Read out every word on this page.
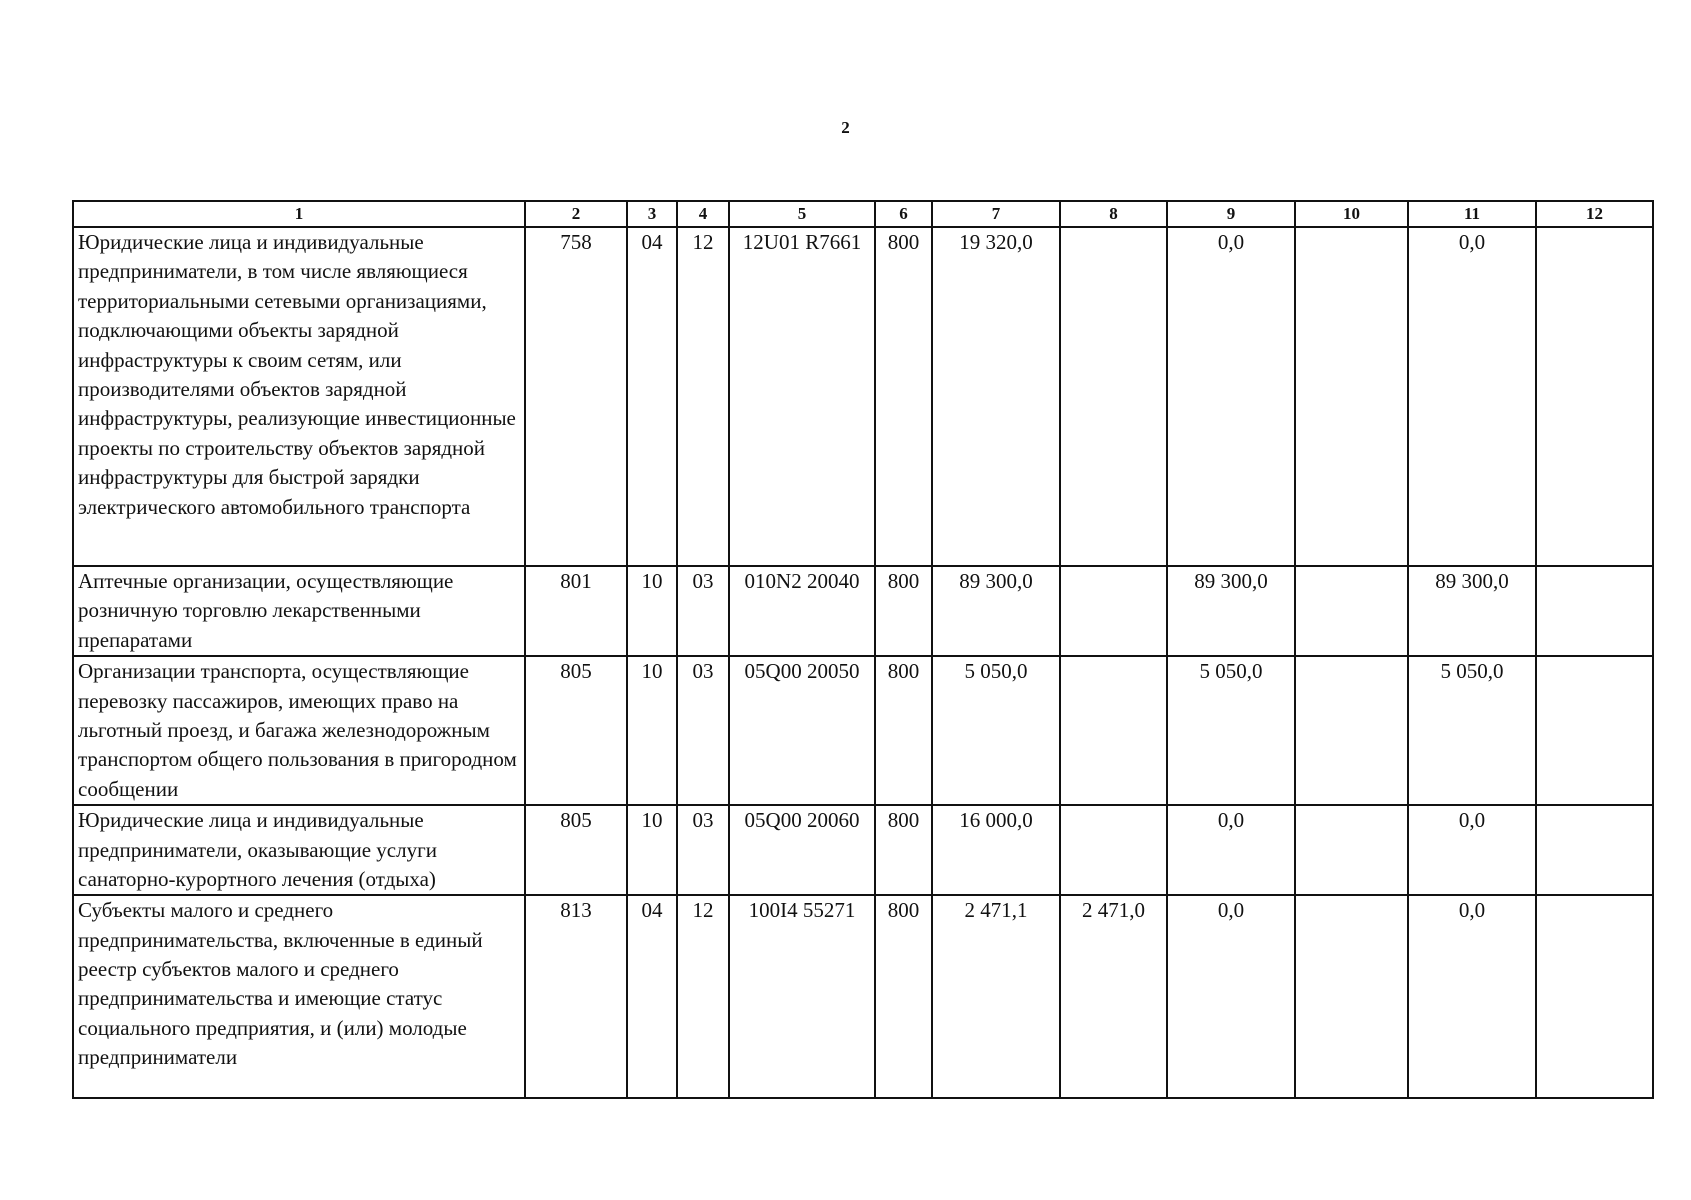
2
1	2	3	4	5	6	7	8	9	10	11	12
Юридические лица и индивидуальные предприниматели, в том числе являющиеся территориальными сетевыми организациями, подключающими объекты зарядной инфраструктуры к своим сетям, или производителями объектов зарядной инфраструктуры, реализующие инвестиционные проекты по строительству объектов зарядной инфраструктуры для быстрой зарядки электрического автомобильного транспорта	758	04	12	12U01 R7661	800	19 320,0		0,0		0,0	
Аптечные организации, осуществляющие розничную торговлю лекарственными препаратами	801	10	03	010N2 20040	800	89 300,0		89 300,0		89 300,0	
Организации транспорта, осуществляющие перевозку пассажиров, имеющих право на льготный проезд, и багажа железнодорожным транспортом общего пользования в пригородном сообщении	805	10	03	05Q00 20050	800	5 050,0		5 050,0		5 050,0	
Юридические лица и индивидуальные предприниматели, оказывающие услуги санаторно-курортного лечения (отдыха)	805	10	03	05Q00 20060	800	16 000,0		0,0		0,0	
Субъекты малого и среднего предпринимательства, включенные в единый реестр субъектов малого и среднего предпринимательства и имеющие статус социального предприятия, и (или) молодые предприниматели	813	04	12	100I4 55271	800	2 471,1	2 471,0	0,0		0,0	
